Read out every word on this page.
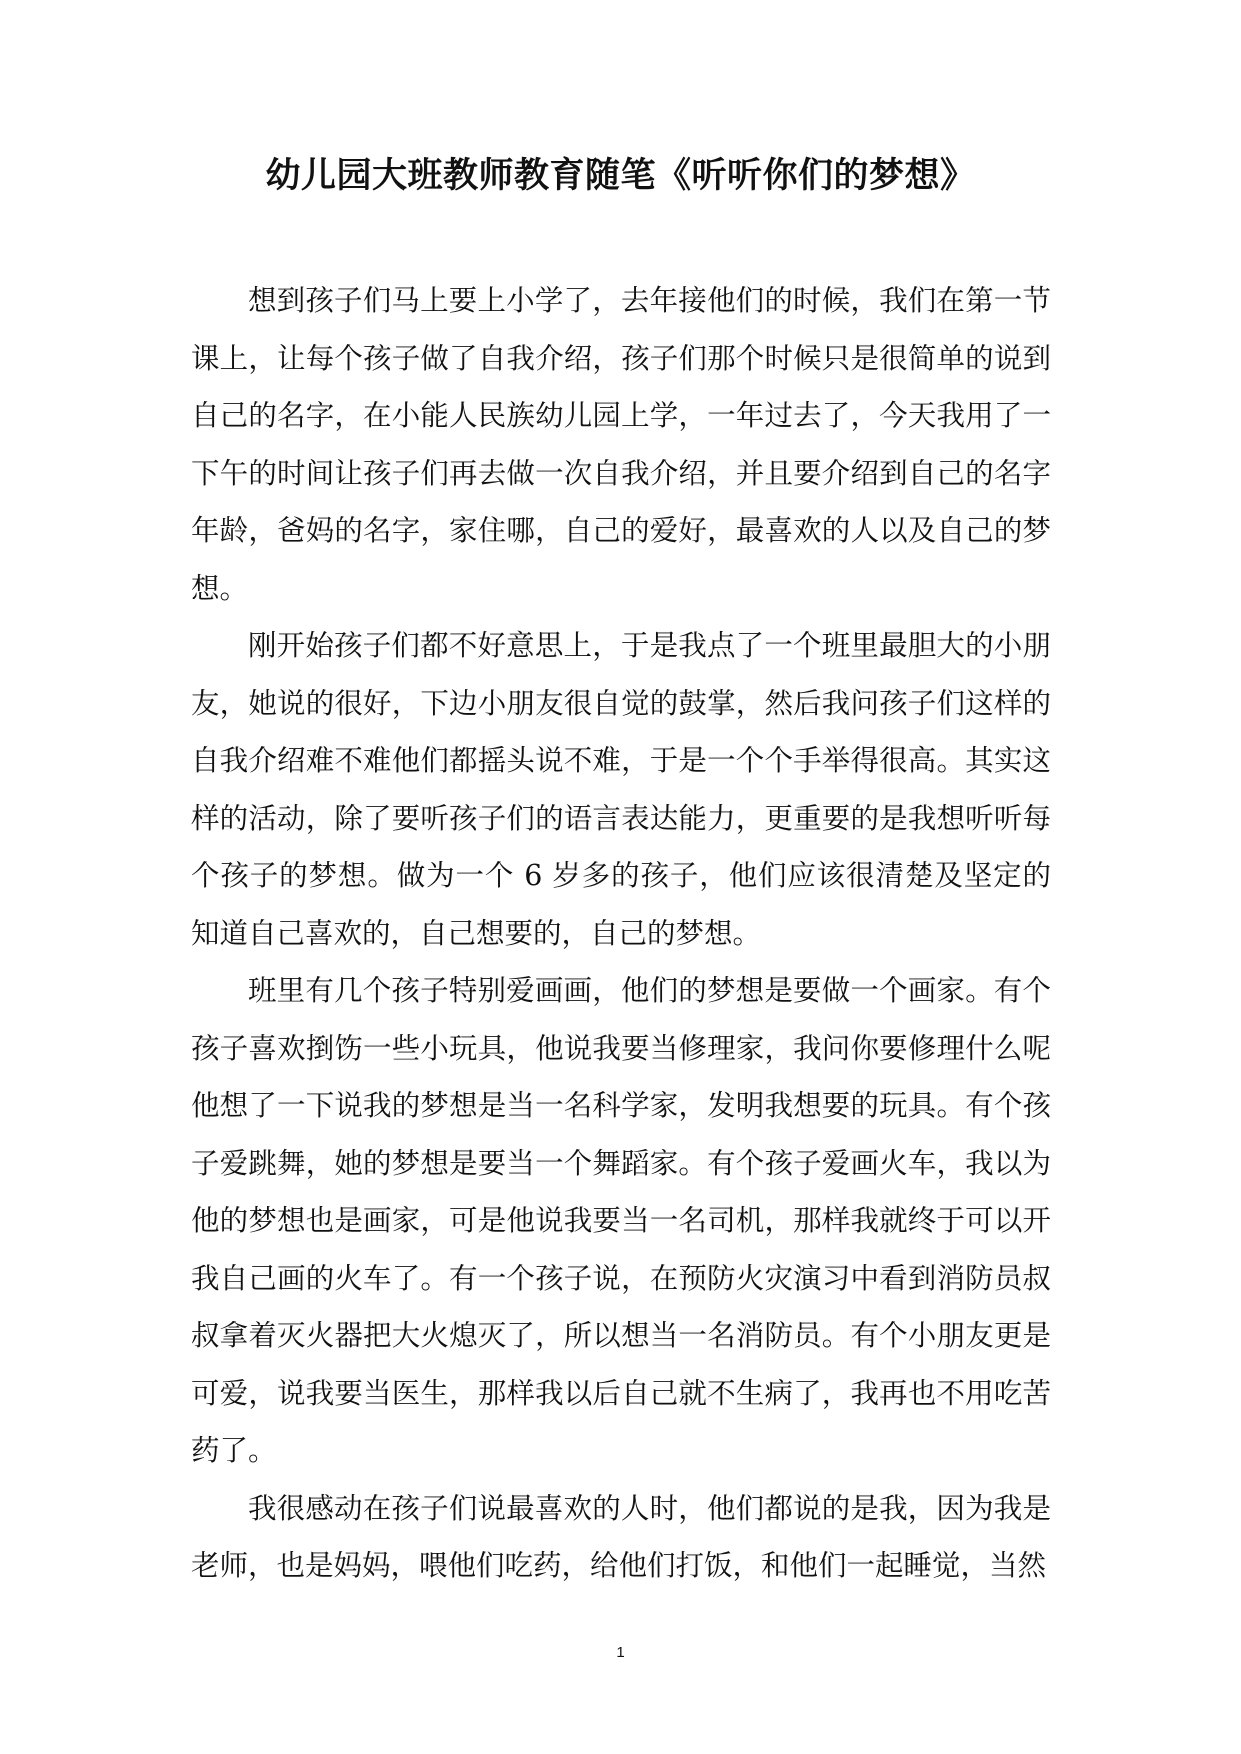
幼儿园大班教师教育随笔《听听你们的梦想》

想到孩子们马上要上小学了，去年接他们的时候，我们在第一节课上，让每个孩子做了自我介绍，孩子们那个时候只是很简单的说到自己的名字，在小能人民族幼儿园上学，一年过去了，今天我用了一下午的时间让孩子们再去做一次自我介绍，并且要介绍到自己的名字年龄，爸妈的名字，家住哪，自己的爱好，最喜欢的人以及自己的梦想。

刚开始孩子们都不好意思上，于是我点了一个班里最胆大的小朋友，她说的很好，下边小朋友很自觉的鼓掌，然后我问孩子们这样的自我介绍难不难他们都摇头说不难，于是一个个手举得很高。其实这样的活动，除了要听孩子们的语言表达能力，更重要的是我想听听每个孩子的梦想。做为一个 6 岁多的孩子，他们应该很清楚及坚定的知道自己喜欢的，自己想要的，自己的梦想。

班里有几个孩子特别爱画画，他们的梦想是要做一个画家。有个孩子喜欢捯饬一些小玩具，他说我要当修理家，我问你要修理什么呢他想了一下说我的梦想是当一名科学家，发明我想要的玩具。有个孩子爱跳舞，她的梦想是要当一个舞蹈家。有个孩子爱画火车，我以为他的梦想也是画家，可是他说我要当一名司机，那样我就终于可以开我自己画的火车了。有一个孩子说，在预防火灾演习中看到消防员叔叔拿着灭火器把大火熄灭了，所以想当一名消防员。有个小朋友更是可爱，说我要当医生，那样我以后自己就不生病了，我再也不用吃苦药了。

我很感动在孩子们说最喜欢的人时，他们都说的是我，因为我是老师，也是妈妈，喂他们吃药，给他们打饭，和他们一起睡觉，当然

1
